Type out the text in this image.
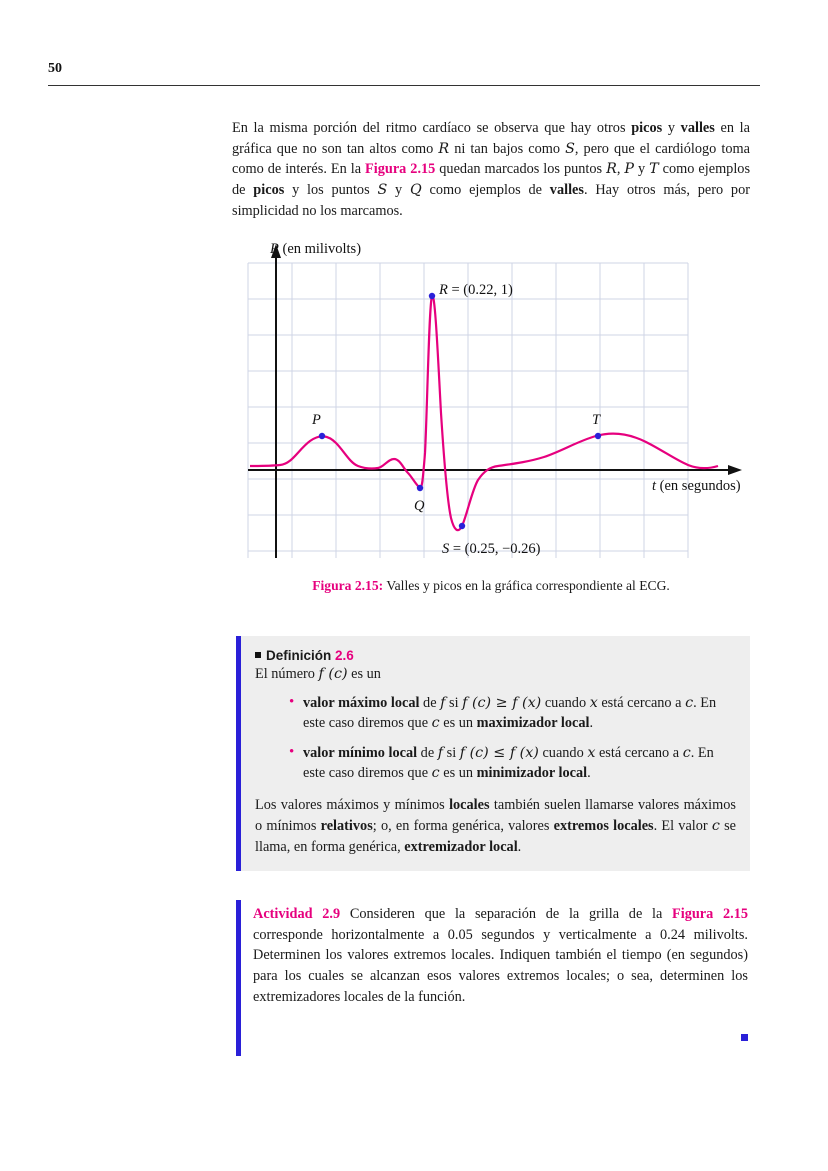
50

En la misma porción del ritmo cardíaco se observa que hay otros picos y valles en la gráfica que no son tan altos como R ni tan bajos como S, pero que el cardiólogo toma como de interés. En la Figura 2.15 quedan marcados los puntos R, P y T como ejemplos de picos y los puntos S y Q como ejemplos de valles. Hay otros más, pero por simplicidad no los marcamos.

P (en milivolts)
t (en segundos)
R = (0.22, 1)
P
Q
T
S = (0.25, −0.26)
Figura 2.15: Valles y picos en la gráfica correspondiente al ECG.
Definición 2.6

El número f (c) es un

• valor máximo local de f si f (c) ≥ f (x) cuando x está cercano a c. En este caso diremos que c es un maximizador local.
• valor mínimo local de f si f (c) ≤ f (x) cuando x está cercano a c. En este caso diremos que c es un minimizador local.

Los valores máximos y mínimos locales también suelen llamarse valores máximos o mínimos relativos; o, en forma genérica, valores extremos locales. El valor c se llama, en forma genérica, extremizador local.

Actividad 2.9 Consideren que la separación de la grilla de la Figura 2.15 corresponde horizontalmente a 0.05 segundos y verticalmente a 0.24 milivolts. Determinen los valores extremos locales. Indiquen también el tiempo (en segundos) para los cuales se alcanzan esos valores extremos locales; o sea, determinen los extremizadores locales de la función.
